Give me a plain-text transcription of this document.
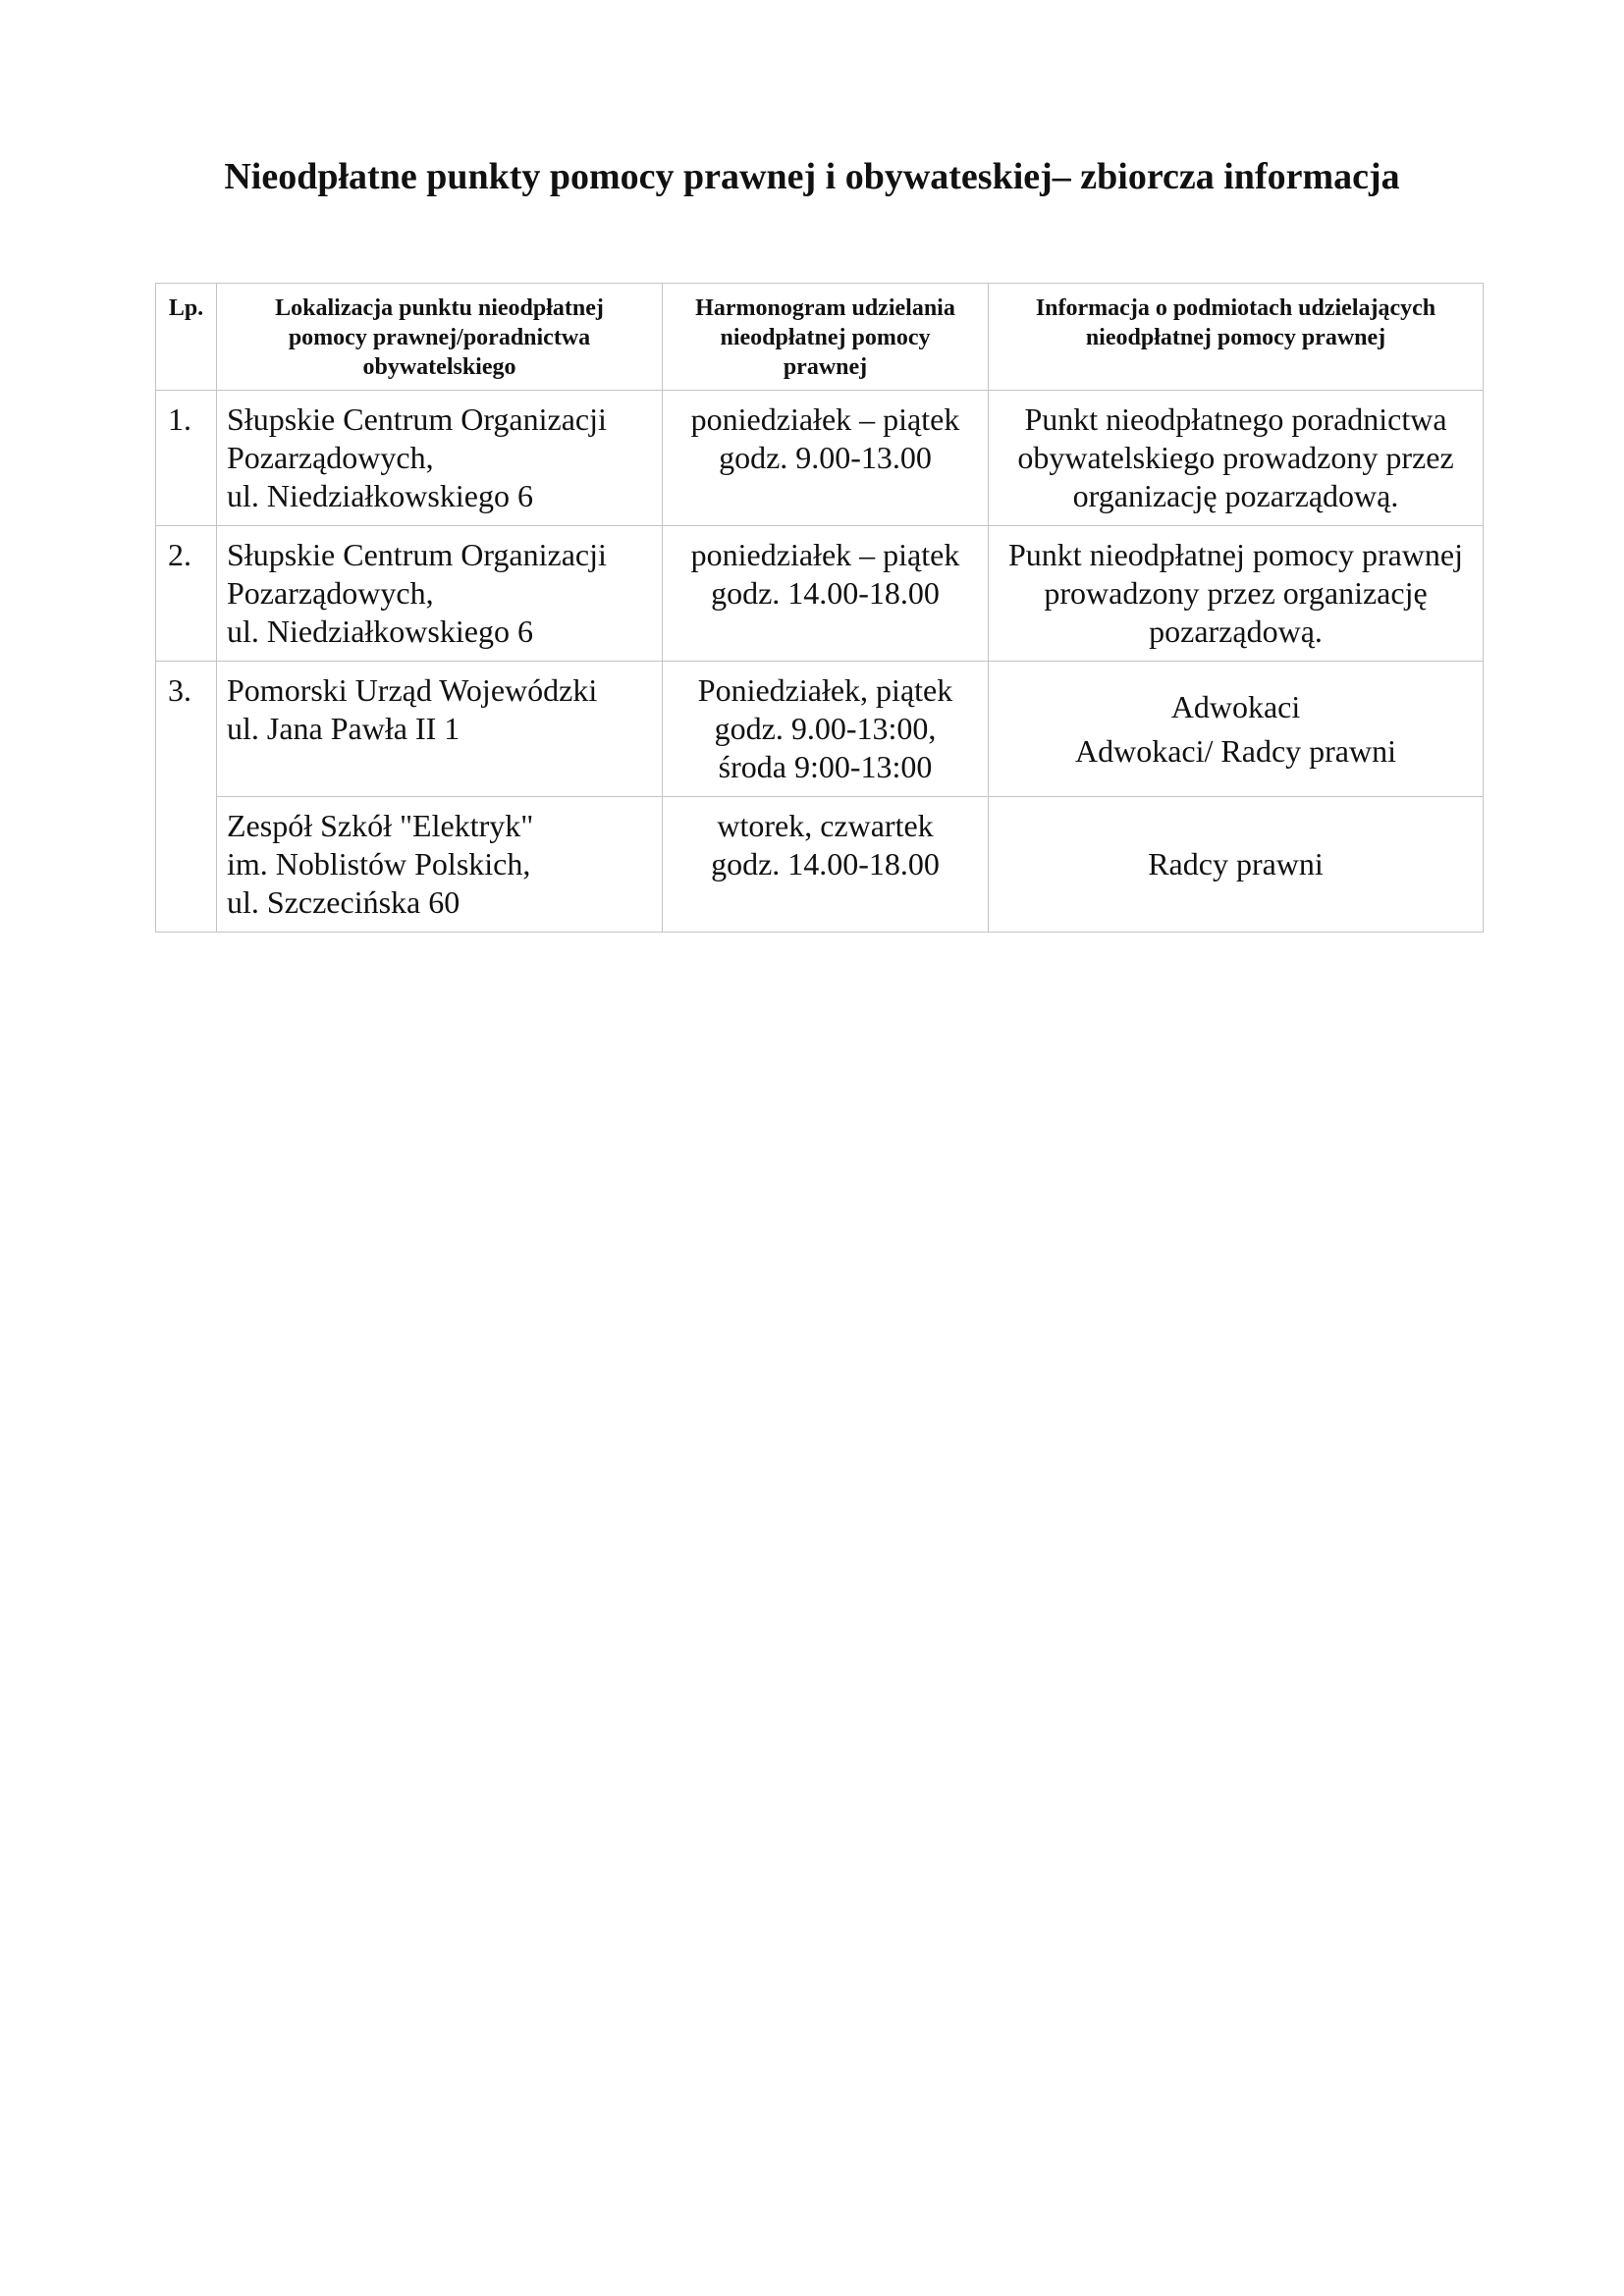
Nieodpłatne punkty pomocy prawnej i obywateskiej– zbiorcza informacja
Lp.	Lokalizacja punktu nieodpłatnej
pomocy prawnej/poradnictwa
obywatelskiego	Harmonogram udzielania
nieodpłatnej pomocy
prawnej	Informacja o podmiotach udzielających
nieodpłatnej pomocy prawnej

1.	Słupskie Centrum Organizacji
Pozarządowych,
ul. Niedziałkowskiego 6	poniedziałek – piątek
godz. 9.00-13.00	Punkt nieodpłatnego poradnictwa
obywatelskiego prowadzony przez
organizację pozarządową.

2.	Słupskie Centrum Organizacji
Pozarządowych,
ul. Niedziałkowskiego 6	poniedziałek – piątek
godz. 14.00-18.00	Punkt nieodpłatnej pomocy prawnej
prowadzony przez organizację
pozarządową.

3.	Pomorski Urząd Wojewódzki
ul. Jana Pawła II 1	Poniedziałek, piątek
godz. 9.00-13:00,
środa 9:00-13:00	Adwokaci
Adwokaci/ Radcy prawni

	Zespół Szkół "Elektryk"
im. Noblistów Polskich,
ul. Szczecińska 60	wtorek, czwartek
godz. 14.00-18.00	Radcy prawni
